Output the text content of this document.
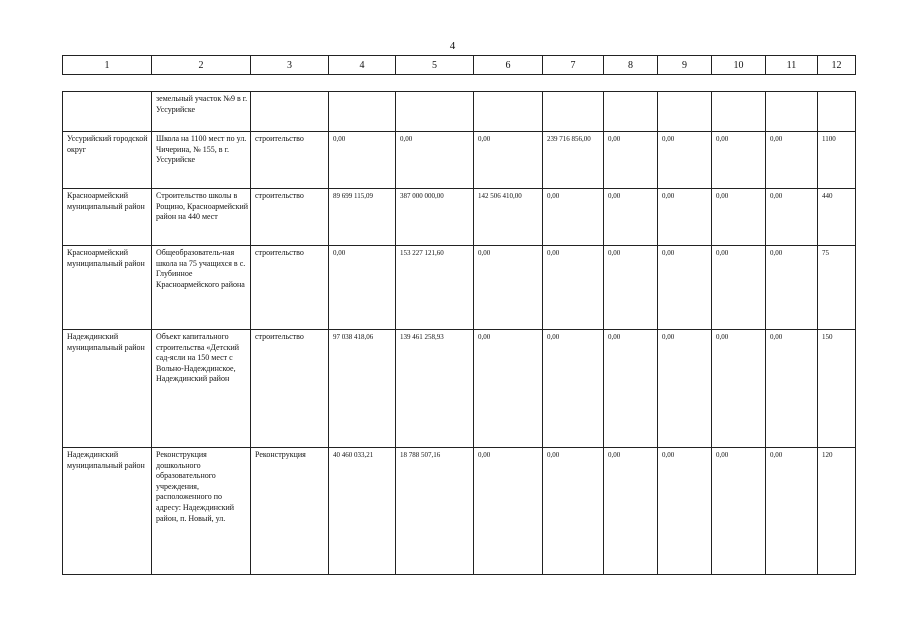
4
1	2	3	4	5	6	7	8	9	10	11	12
	земельный участок №9 в г. Уссурийске										
Уссурийский городской округ	Школа на 1100 мест по ул. Чичерина, № 155, в г. Уссурийске	строительство	0,00	0,00	0,00	239 716 856,00	0,00	0,00	0,00	0,00	1100
Красноармейский муниципальный район	Строительство школы в Рощино, Красноармейский район на 440 мест	строительство	89 699 115,09	387 000 000,00	142 506 410,00	0,00	0,00	0,00	0,00	0,00	440
Красноармейский муниципальный район	Общеобразователь-ная школа на 75 учащихся в с. Глубинное Красноармейского района	строительство	0,00	153 227 121,60	0,00	0,00	0,00	0,00	0,00	0,00	75
Надеждинский муниципальный район	Объект капитального строительства «Детский сад-ясли на 150 мест с Вольно-Надеждинское, Надеждинский район	строительство	97 038 418,06	139 461 258,93	0,00	0,00	0,00	0,00	0,00	0,00	150
Надеждинский муниципальный район	Реконструкция дошкольного образовательного учреждения, расположенного по адресу: Надеждинский район, п. Новый, ул.	Реконструкция	40 460 033,21	18 788 507,16	0,00	0,00	0,00	0,00	0,00	0,00	120
